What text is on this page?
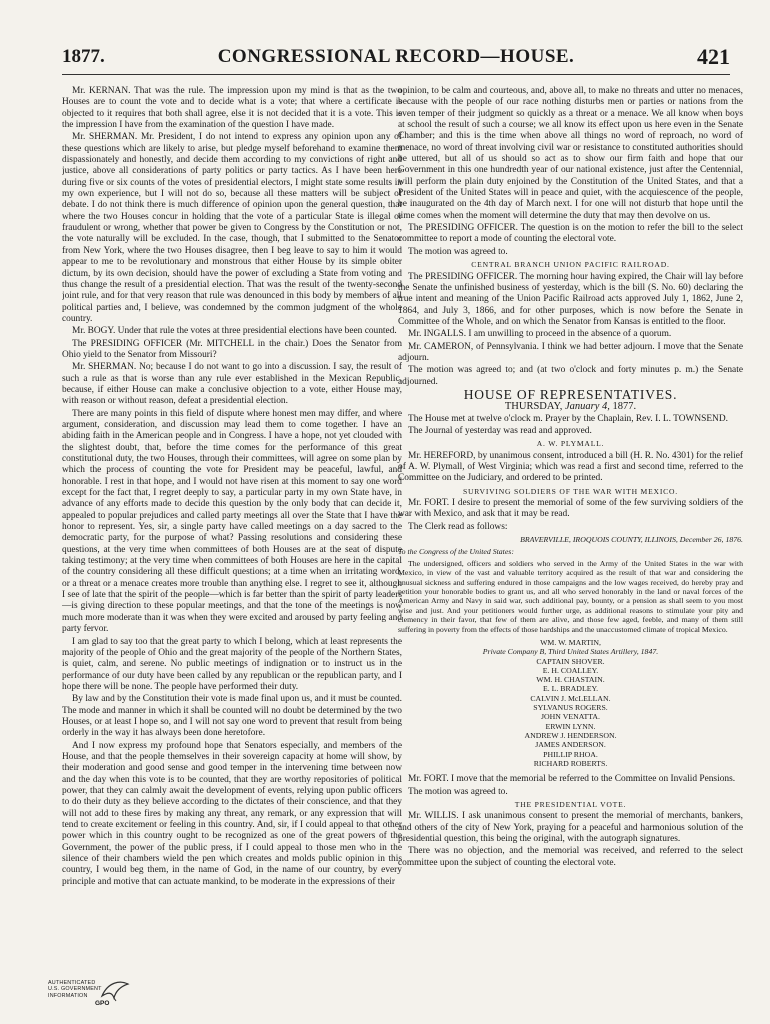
1877.	CONGRESSIONAL RECORD—HOUSE.	421

Mr. KERNAN. That was the rule. The impression upon my mind is that as the two Houses are to count the vote and to decide what is a vote; that where a certificate is objected to it requires that both shall agree, else it is not decided that it is a vote. This is the impression I have from the examination of the question I have made.

Mr. SHERMAN. Mr. President, I do not intend to express any opinion upon any of these questions which are likely to arise, but pledge myself beforehand to examine them dispassionately and honestly, and decide them according to my convictions of right and justice, above all considerations of party politics or party tactics. As I have been here during five or six counts of the votes of presidential electors, I might state some results in my own experience, but I will not do so, because all these matters will be subject of debate. I do not think there is much difference of opinion upon the general question, that where the two Houses concur in holding that the vote of a particular State is illegal or fraudulent or wrong, whether that power be given to Congress by the Constitution or not, the vote naturally will be excluded. In the case, though, that I submitted to the Senator from New York, where the two Houses disagree, then I beg leave to say to him it would appear to me to be revolutionary and monstrous that either House by its simple obiter dictum, by its own decision, should have the power of excluding a State from voting and thus change the result of a presidential election. That was the result of the twenty-second joint rule, and for that very reason that rule was denounced in this body by members of all political parties and, I believe, was condemned by the common judgment of the whole country.

Mr. BOGY. Under that rule the votes at three presidential elections have been counted.

The PRESIDING OFFICER (Mr. MITCHELL in the chair.) Does the Senator from Ohio yield to the Senator from Missouri?

Mr. SHERMAN. No; because I do not want to go into a discussion. I say, the result of such a rule as that is worse than any rule ever established in the Mexican Republic, because, if either House can make a conclusive objection to a vote, either House may, with reason or without reason, defeat a presidential election.

There are many points in this field of dispute where honest men may differ, and where argument, consideration, and discussion may lead them to come together. I have an abiding faith in the American people and in Congress. I have a hope, not yet clouded with the slightest doubt, that, before the time comes for the performance of this great constitutional duty, the two Houses, through their committees, will agree on some plan by which the process of counting the vote for President may be peaceful, lawful, and honorable. I rest in that hope, and I would not have risen at this moment to say one word except for the fact that, I regret deeply to say, a particular party in my own State have, in advance of any efforts made to decide this question by the only body that can decide it, appealed to popular prejudices and called party meetings all over the State that I have the honor to represent. Yes, sir, a single party have called meetings on a day sacred to the democratic party, for the purpose of what? Passing resolutions and considering these questions, at the very time when committees of both Houses are at the seat of dispute taking testimony; at the very time when committees of both Houses are here in the capital of the country considering all these difficult questions; at a time when an irritating word, or a threat or a menace creates more trouble than anything else. I regret to see it, although I see of late that the spirit of the people—which is far better than the spirit of party leaders—is giving direction to these popular meetings, and that the tone of the meetings is now much more moderate than it was when they were excited and aroused by party feeling and party fervor.

I am glad to say too that the great party to which I belong, which at least represents the majority of the people of Ohio and the great majority of the people of the Northern States, is quiet, calm, and serene. No public meetings of indignation or to instruct us in the performance of our duty have been called by any republican or the republican party, and I hope there will be none. The people have performed their duty.

By law and by the Constitution their vote is made final upon us, and it must be counted. The mode and manner in which it shall be counted will no doubt be determined by the two Houses, or at least I hope so, and I will not say one word to prevent that result from being orderly in the way it has always been done heretofore.

And I now express my profound hope that Senators especially, and members of the House, and that the people themselves in their sovereign capacity at home will show, by their moderation and good sense and good temper in the intervening time between now and the day when this vote is to be counted, that they are worthy repositories of political power, that they can calmly await the development of events, relying upon public officers to do their duty as they believe according to the dictates of their conscience, and that they will not add to these fires by making any threat, any remark, or any expression that will tend to create excitement or feeling in this country. And, sir, if I could appeal to that other power which in this country ought to be recognized as one of the great powers of the Government, the power of the public press, if I could appeal to those men who in the silence of their chambers wield the pen which creates and molds public opinion in this country, I would beg them, in the name of God, in the name of our country, by every principle and motive that can actuate mankind, to be moderate in the expressions of their

opinion, to be calm and courteous, and, above all, to make no threats and utter no menaces, because with the people of our race nothing disturbs men or parties or nations from the even temper of their judgment so quickly as a threat or a menace. We all know when boys at school the result of such a course; we all know its effect upon us here even in the Senate Chamber; and this is the time when above all things no word of reproach, no word of menace, no word of threat involving civil war or resistance to constituted authorities should be uttered, but all of us should so act as to show our firm faith and hope that our Government in this one hundredth year of our national existence, just after the Centennial, will perform the plain duty enjoined by the Constitution of the United States, and that a President of the United States will in peace and quiet, with the acquiescence of the people, be inaugurated on the 4th day of March next. I for one will not disturb that hope until the time comes when the moment will determine the duty that may then devolve on us.

The PRESIDING OFFICER. The question is on the motion to refer the bill to the select committee to report a mode of counting the electoral vote.

The motion was agreed to.

CENTRAL BRANCH UNION PACIFIC RAILROAD.

The PRESIDING OFFICER. The morning hour having expired, the Chair will lay before the Senate the unfinished business of yesterday, which is the bill (S. No. 60) declaring the true intent and meaning of the Union Pacific Railroad acts approved July 1, 1862, June 2, 1864, and July 3, 1866, and for other purposes, which is now before the Senate in Committee of the Whole, and on which the Senator from Kansas is entitled to the floor.

Mr. INGALLS. I am unwilling to proceed in the absence of a quorum.

Mr. CAMERON, of Pennsylvania. I think we had better adjourn. I move that the Senate adjourn.

The motion was agreed to; and (at two o'clock and forty minutes p. m.) the Senate adjourned.

HOUSE OF REPRESENTATIVES.

THURSDAY, January 4, 1877.

The House met at twelve o'clock m. Prayer by the Chaplain, Rev. I. L. TOWNSEND.

The Journal of yesterday was read and approved.

A. W. PLYMALL.

Mr. HEREFORD, by unanimous consent, introduced a bill (H. R. No. 4301) for the relief of A. W. Plymall, of West Virginia; which was read a first and second time, referred to the Committee on the Judiciary, and ordered to be printed.

SURVIVING SOLDIERS OF THE WAR WITH MEXICO.

Mr. FORT. I desire to present the memorial of some of the few surviving soldiers of the war with Mexico, and ask that it may be read.

The Clerk read as follows:

BRAVERVILLE, IROQUOIS COUNTY, ILLINOIS, December 26, 1876.

To the Congress of the United States:

The undersigned, officers and soldiers who served in the Army of the United States in the war with Mexico, in view of the vast and valuable territory acquired as the result of that war and considering the unusual sickness and suffering endured in those campaigns and the low wages received, do hereby pray and petition your honorable bodies to grant us, and all who served honorably in the land or naval forces of the American Army and Navy in said war, such additional pay, bounty, or a pension as shall seem to you most wise and just. And your petitioners would further urge, as additional reasons to stimulate your pity and clemency in their favor, that few of them are alive, and those few aged, feeble, and many of them still suffering in poverty from the effects of those hardships and the unaccustomed climate of tropical Mexico.

WM. W. MARTIN,
Private Company B, Third United States Artillery, 1847.
CAPTAIN SHOVER.
E. H. COALLEY.
WM. H. CHASTAIN.
E. L. BRADLEY.
CALVIN J. McLELLAN.
SYLVANUS ROGERS.
JOHN VENATTA.
ERWIN LYNN.
ANDREW J. HENDERSON.
JAMES ANDERSON.
PHILLIP RHOA.
RICHARD ROBERTS.

Mr. FORT. I move that the memorial be referred to the Committee on Invalid Pensions.

The motion was agreed to.

THE PRESIDENTIAL VOTE.

Mr. WILLIS. I ask unanimous consent to present the memorial of merchants, bankers, and others of the city of New York, praying for a peaceful and harmonious solution of the presidential question, this being the original, with the autograph signatures.

There was no objection, and the memorial was received, and referred to the select committee upon the subject of counting the electoral vote.

AUTHENTICATED U.S. GOVERNMENT INFORMATION
GPO
